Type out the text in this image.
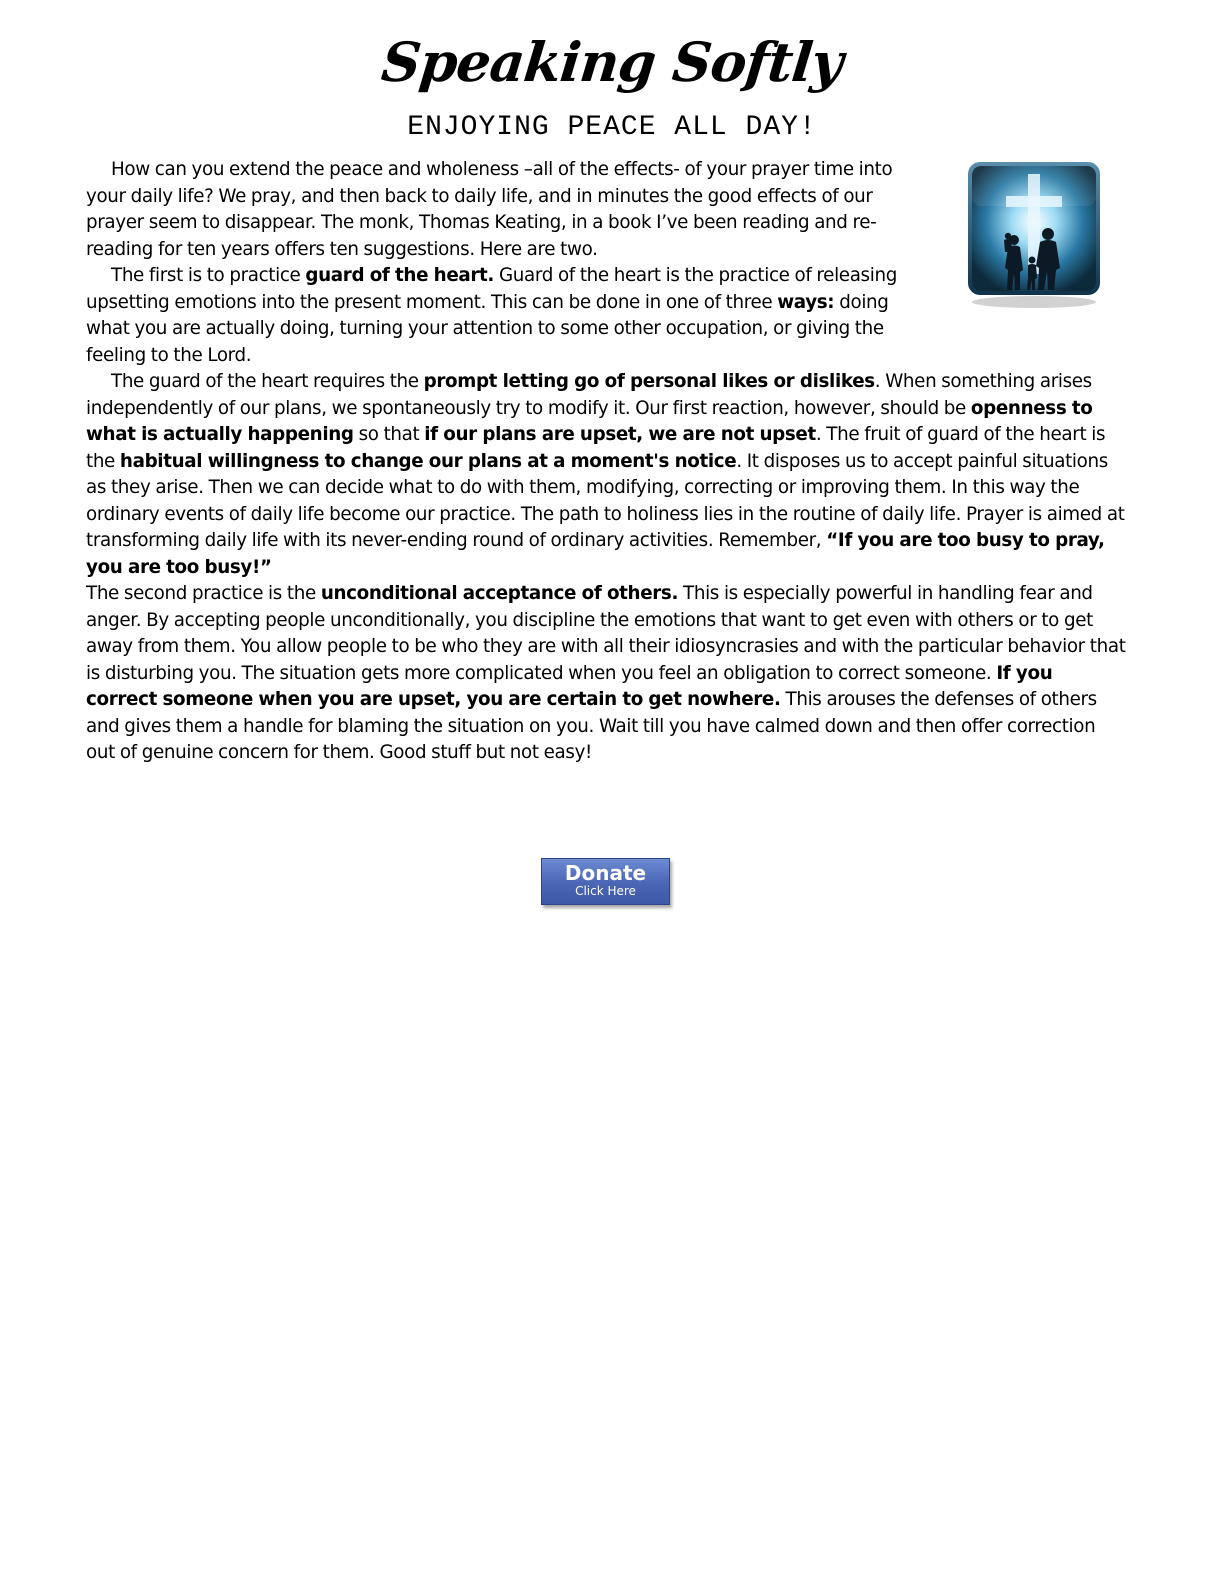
Speaking Softly
ENJOYING PEACE ALL DAY!

How can you extend the peace and wholeness –all of the effects- of your prayer time into your daily life? We pray, and then back to daily life, and in minutes the good effects of our prayer seem to disappear. The monk, Thomas Keating, in a book I’ve been reading and re-reading for ten years offers ten suggestions. Here are two.

The first is to practice guard of the heart. Guard of the heart is the practice of releasing upsetting emotions into the present moment. This can be done in one of three ways: doing what you are actually doing, turning your attention to some other occupation, or giving the feeling to the Lord.

The guard of the heart requires the prompt letting go of personal likes or dislikes. When something arises independently of our plans, we spontaneously try to modify it. Our first reaction, however, should be openness to what is actually happening so that if our plans are upset, we are not upset. The fruit of guard of the heart is the habitual willingness to change our plans at a moment's notice. It disposes us to accept painful situations as they arise. Then we can decide what to do with them, modifying, correcting or improving them. In this way the ordinary events of daily life become our practice. The path to holiness lies in the routine of daily life. Prayer is aimed at transforming daily life with its never-ending round of ordinary activities. Remember, “If you are too busy to pray, you are too busy!”

The second practice is the unconditional acceptance of others. This is especially powerful in handling fear and anger. By accepting people unconditionally, you discipline the emotions that want to get even with others or to get away from them. You allow people to be who they are with all their idiosyncrasies and with the particular behavior that is disturbing you. The situation gets more complicated when you feel an obligation to correct someone. If you correct someone when you are upset, you are certain to get nowhere. This arouses the defenses of others and gives them a handle for blaming the situation on you. Wait till you have calmed down and then offer correction out of genuine concern for them. Good stuff but not easy!

Donate
Click Here
